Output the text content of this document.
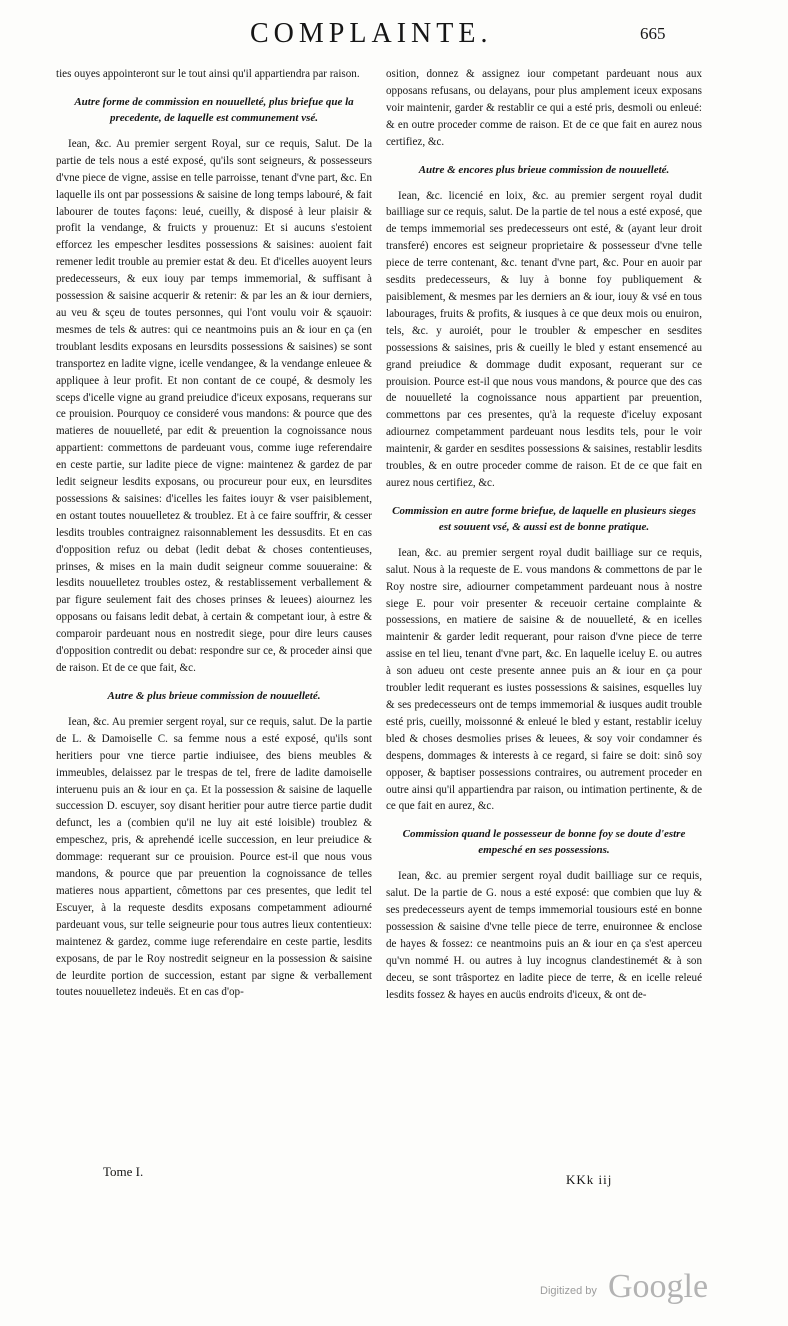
COMPLAINTE.	665
ties ouyes appointeront sur le tout ainsi qu'il appartiendra par raison.
Autre forme de commission en nouuelleté, plus briefue que la precedente, de laquelle est communement vsé.
Iean, &c. Au premier sergent Royal, sur ce requis, Salut. De la partie de tels nous a esté exposé, qu'ils sont seigneurs, & possesseurs d'vne piece de vigne, assise en telle parroisse, tenant d'vne part, &c. En laquelle ils ont par possessions & saisine de long temps labouré, & fait labourer de toutes façons: leué, cueilly, & disposé à leur plaisir & profit la vendange, & fruicts y prouenuz: Et si aucuns s'estoient efforcez les empescher lesdites possessions & saisines: auoient fait remener ledit trouble au premier estat & deu. Et d'icelles auoyent leurs predecesseurs, & eux iouy par temps immemorial, & suffisant à possession & saisine acquerir & retenir: & par les an & iour derniers, au veu & sçeu de toutes personnes, qui l'ont voulu voir & sçauoir: mesmes de tels & autres: qui ce neantmoins puis an & iour en ça (en troublant lesdits exposans en leursdits possessions & saisines) se sont transportez en ladite vigne, icelle vendangee, & la vendange enleuee & appliquee à leur profit. Et non contant de ce coupé, & desmoly les sceps d'icelle vigne au grand preiudice d'iceux exposans, requerans sur ce prouision. Pourquoy ce consideré vous mandons: & pource que des matieres de nouuelleté, par edit & preuention la cognoissance nous appartient: commettons de pardeuant vous, comme iuge referendaire en ceste partie, sur ladite piece de vigne: maintenez & gardez de par ledit seigneur lesdits exposans, ou procureur pour eux, en leursdites possessions & saisines: d'icelles les faites iouyr & vser paisiblement, en ostant toutes nouuelletez & troublez. Et à ce faire souffrir, & cesser lesdits troubles contraignez raisonnablement les dessusdits. Et en cas d'opposition refuz ou debat (ledit debat & choses contentieuses, prinses, & mises en la main dudit seigneur comme souueraine: & lesdits nouuelletez troubles ostez, & restablissement verballement & par figure seulement fait des choses prinses & leuees) aiournez les opposans ou faisans ledit debat, à certain & competant iour, à estre & comparoir pardeuant nous en nostredit siege, pour dire leurs causes d'opposition contredit ou debat: respondre sur ce, & proceder ainsi que de raison. Et de ce que fait, &c.
Autre & plus brieue commission de nouuelleté.
Iean, &c. Au premier sergent royal, sur ce requis, salut. De la partie de L. & Damoiselle C. sa femme nous a esté exposé, qu'ils sont heritiers pour vne tierce partie indiuisee, des biens meubles & immeubles, delaissez par le trespas de tel, frere de ladite damoiselle interuenu puis an & iour en ça. Et la possession & saisine de laquelle succession D. escuyer, soy disant heritier pour autre tierce partie dudit defunct, les a (combien qu'il ne luy ait esté loisible) troublez & empeschez, pris, & aprehendé icelle succession, en leur preiudice & dommage: requerant sur ce prouision. Pource est-il que nous vous mandons, & pource que par preuention la cognoissance de telles matieres nous appartient, cômettons par ces presentes, que ledit tel Escuyer, à la requeste desdits exposans competamment adiourné pardeuant vous, sur telle seigneurie pour tous autres lieux contentieux: maintenez & gardez, comme iuge referendaire en ceste partie, lesdits exposans, de par le Roy nostredit seigneur en la possession & saisine de leurdite portion de succession, estant par signe & verballement toutes nouuelletez indeuës. Et en cas d'op-
osition, donnez & assignez iour competant pardeuant nous aux opposans refusans, ou delayans, pour plus amplement iceux exposans voir maintenir, garder & restablir ce qui a esté pris, desmoli ou enleué: & en outre proceder comme de raison. Et de ce que fait en aurez nous certifiez, &c.
Autre & encores plus brieue commission de nouuelleté.
Iean, &c. licencié en loix, &c. au premier sergent royal dudit bailliage sur ce requis, salut. De la partie de tel nous a esté exposé, que de temps immemorial ses predecesseurs ont esté, & (ayant leur droit transferé) encores est seigneur proprietaire & possesseur d'vne telle piece de terre contenant, &c. tenant d'vne part, &c. Pour en auoir par sesdits predecesseurs, & luy à bonne foy publiquement & paisiblement, & mesmes par les derniers an & iour, iouy & vsé en tous labourages, fruits & profits, & iusques à ce que deux mois ou enuiron, tels, &c. y auroiét, pour le troubler & empescher en sesdites possessions & saisines, pris & cueilly le bled y estant ensemencé au grand preiudice & dommage dudit exposant, requerant sur ce prouision. Pource est-il que nous vous mandons, & pource que des cas de nouuelleté la cognoissance nous appartient par preuention, commettons par ces presentes, qu'à la requeste d'iceluy exposant adiournez competamment pardeuant nous lesdits tels, pour le voir maintenir, & garder en sesdites possessions & saisines, restablir lesdits troubles, & en outre proceder comme de raison. Et de ce que fait en aurez nous certifiez, &c.
Commission en autre forme briefue, de laquelle en plusieurs sieges est souuent vsé, & aussi est de bonne pratique.
Iean, &c. au premier sergent royal dudit bailliage sur ce requis, salut. Nous à la requeste de E. vous mandons & commettons de par le Roy nostre sire, adiourner competamment pardeuant nous à nostre siege E. pour voir presenter & receuoir certaine complainte & possessions, en matiere de saisine & de nouuelleté, & en icelles maintenir & garder ledit requerant, pour raison d'vne piece de terre assise en tel lieu, tenant d'vne part, &c. En laquelle iceluy E. ou autres à son adueu ont ceste presente annee puis an & iour en ça pour troubler ledit requerant es iustes possessions & saisines, esquelles luy & ses predecesseurs ont de temps immemorial & iusques audit trouble esté pris, cueilly, moissonné & enleué le bled y estant, restablir iceluy bled & choses desmolies prises & leuees, & soy voir condamner és despens, dommages & interests à ce regard, si faire se doit: sinô soy opposer, & baptiser possessions contraires, ou autrement proceder en outre ainsi qu'il appartiendra par raison, ou intimation pertinente, & de ce que fait en aurez, &c.
Commission quand le possesseur de bonne foy se doute d'estre empesché en ses possessions.
Iean, &c. au premier sergent royal dudit bailliage sur ce requis, salut. De la partie de G. nous a esté exposé: que combien que luy & ses predecesseurs ayent de temps immemorial tousiours esté en bonne possession & saisine d'vne telle piece de terre, enuironnee & enclose de hayes & fossez: ce neantmoins puis an & iour en ça s'est aperceu qu'vn nommé H. ou autres à luy incognus clandestinemét & à son deceu, se sont trâsportez en ladite piece de terre, & en icelle releué lesdits fossez & hayes en aucüs endroits d'iceux, & ont de-
Tome I.
KKk iij
Digitized by Google
